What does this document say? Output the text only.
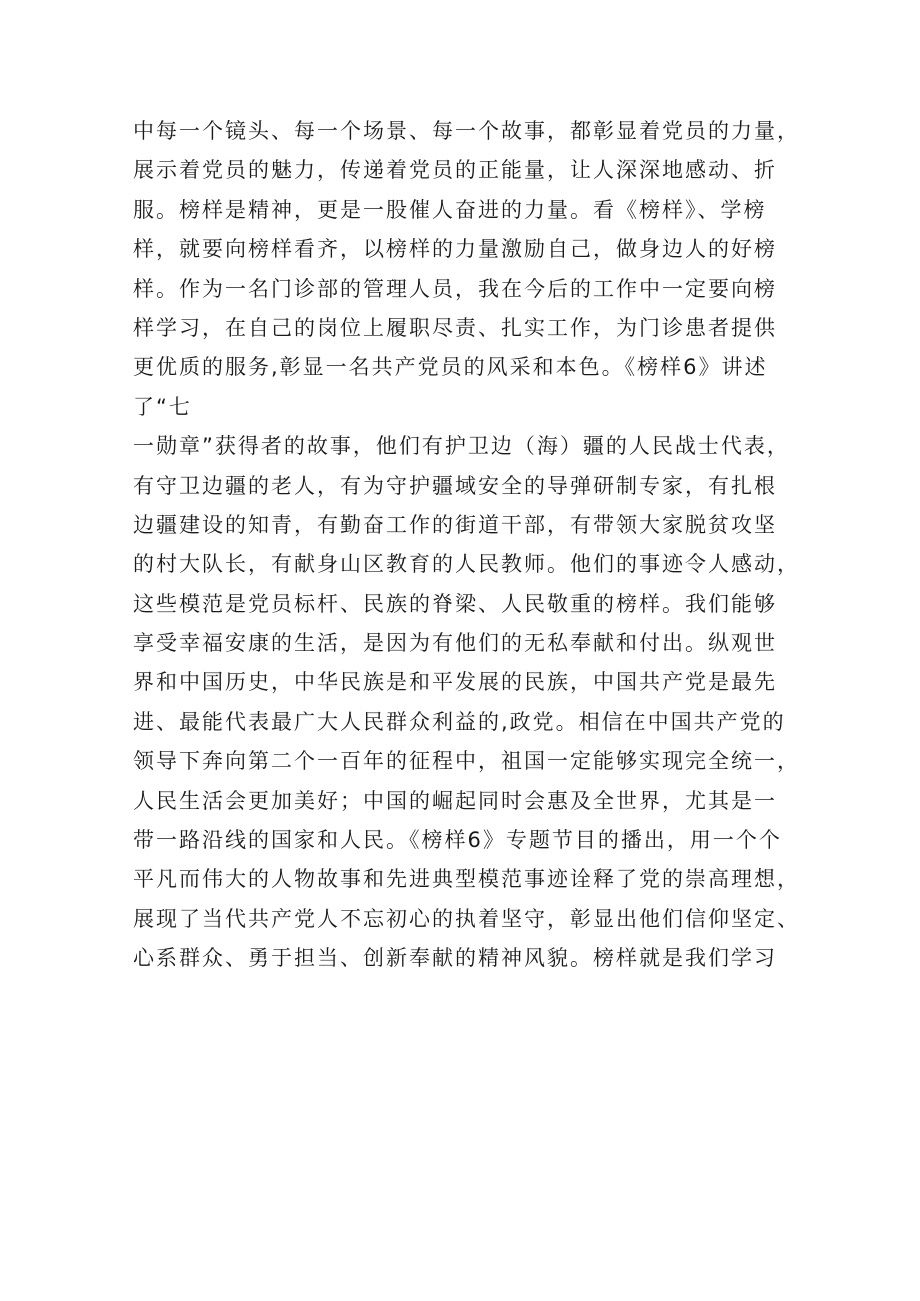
中每一个镜头、每一个场景、每一个故事，都彰显着党员的力量，
展示着党员的魅力，传递着党员的正能量，让人深深地感动、折
服。榜样是精神，更是一股催人奋进的力量。看《榜样》、学榜
样，就要向榜样看齐，以榜样的力量激励自己，做身边人的好榜
样。作为一名门诊部的管理人员，我在今后的工作中一定要向榜
样学习，在自己的岗位上履职尽责、扎实工作，为门诊患者提供
更优质的服务,彰显一名共产党员的风采和本色。《榜样6》讲述
了“七
一勋章”获得者的故事，他们有护卫边（海）疆的人民战士代表，
有守卫边疆的老人，有为守护疆域安全的导弹研制专家，有扎根
边疆建设的知青，有勤奋工作的街道干部，有带领大家脱贫攻坚
的村大队长，有献身山区教育的人民教师。他们的事迹令人感动，
这些模范是党员标杆、民族的脊梁、人民敬重的榜样。我们能够
享受幸福安康的生活，是因为有他们的无私奉献和付出。纵观世
界和中国历史，中华民族是和平发展的民族，中国共产党是最先
进、最能代表最广大人民群众利益的,政党。相信在中国共产党的
领导下奔向第二个一百年的征程中，祖国一定能够实现完全统一，
人民生活会更加美好；中国的崛起同时会惠及全世界，尤其是一
带一路沿线的国家和人民。《榜样6》专题节目的播出，用一个个
平凡而伟大的人物故事和先进典型模范事迹诠释了党的崇高理想，
展现了当代共产党人不忘初心的执着坚守，彰显出他们信仰坚定、
心系群众、勇于担当、创新奉献的精神风貌。榜样就是我们学习
